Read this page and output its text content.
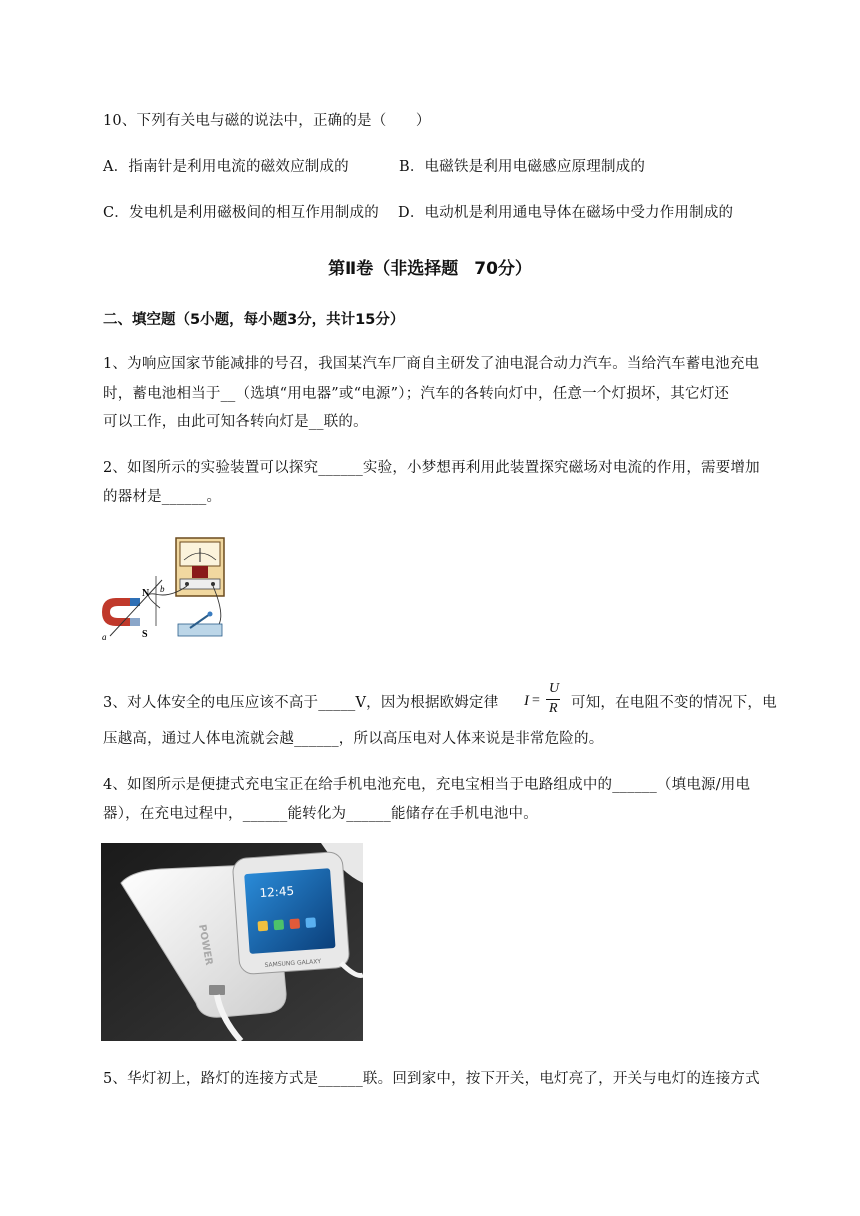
10、下列有关电与磁的说法中，正确的是（　　）
A．指南针是利用电流的磁效应制成的	B．电磁铁是利用电磁感应原理制成的
C．发电机是利用磁极间的相互作用制成的 D．电动机是利用通电导体在磁场中受力作用制成的
第Ⅱ卷（非选择题 70分）
二、填空题（5小题，每小题3分，共计15分）
1、为响应国家节能减排的号召，我国某汽车厂商自主研发了油电混合动力汽车。当给汽车蓄电池充电
时，蓄电池相当于__（选填“用电器”或“电源”）；汽车的各转向灯中，任意一个灯损坏，其它灯还
可以工作，由此可知各转向灯是__联的。
2、如图所示的实验装置可以探究______实验，小梦想再利用此装置探究磁场对电流的作用，需要增加
的器材是______。
N
S
a
b
3、对人体安全的电压应该不高于_____V，因为根据欧姆定律 I =
U
R 可知，在电阻不变的情况下，电
压越高，通过人体电流就会越______，所以高压电对人体来说是非常危险的。
4、如图所示是便捷式充电宝正在给手机电池充电，充电宝相当于电路组成中的______（填电源/用电
器），在充电过程中，______能转化为______能储存在手机电池中。
POWER
12:45
SAMSUNG GALAXY
5、华灯初上，路灯的连接方式是______联。回到家中，按下开关，电灯亮了，开关与电灯的连接方式
